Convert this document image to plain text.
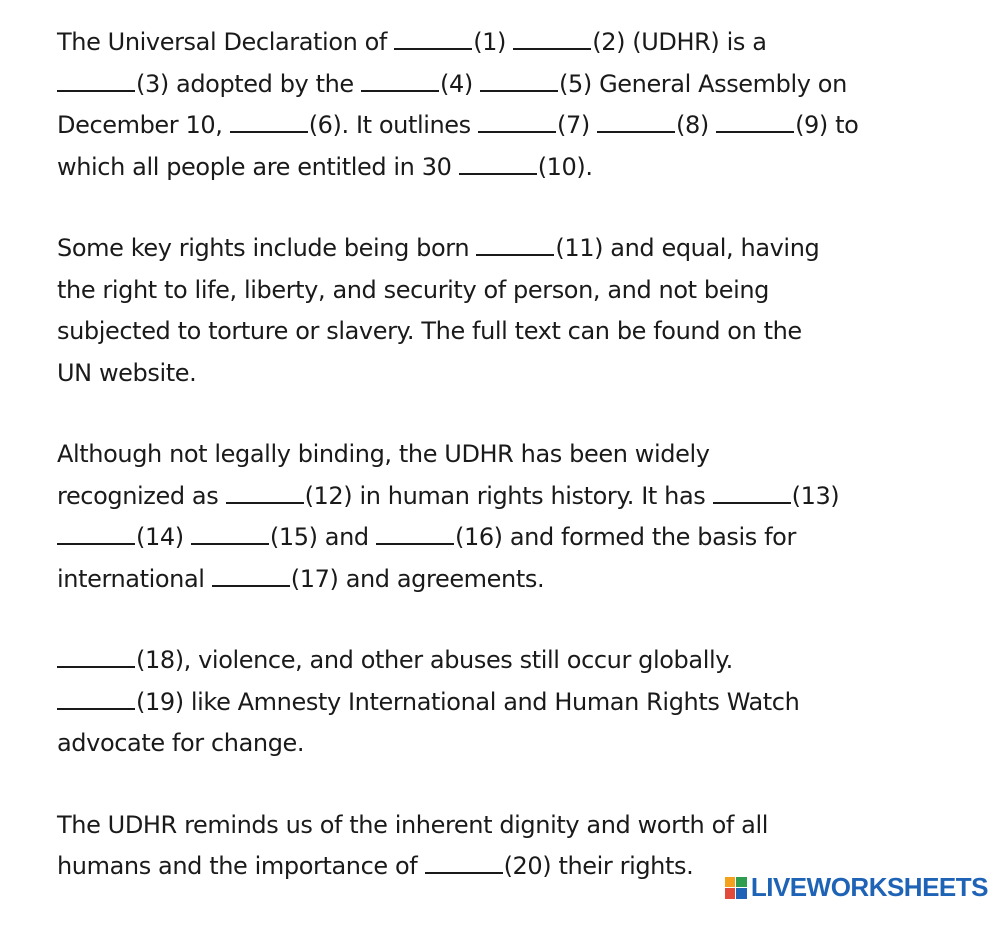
The Universal Declaration of	(1)	(2) (UDHR) is a
(3) adopted by the	(4)	(5) General Assembly on
December 10,	(6). It outlines	(7)	(8)	(9) to
which all people are entitled in 30	(10).

Some key rights include being born	(11) and equal, having
the right to life, liberty, and security of person, and not being
subjected to torture or slavery. The full text can be found on the
UN website.

Although not legally binding, the UDHR has been widely
recognized as	(12) in human rights history. It has	(13)
(14)	(15) and	(16) and formed the basis for
international	(17) and agreements.

(18), violence, and other abuses still occur globally.
(19) like Amnesty International and Human Rights Watch
advocate for change.

The UDHR reminds us of the inherent dignity and worth of all
humans and the importance of	(20) their rights.

LIVEWORKSHEETS
